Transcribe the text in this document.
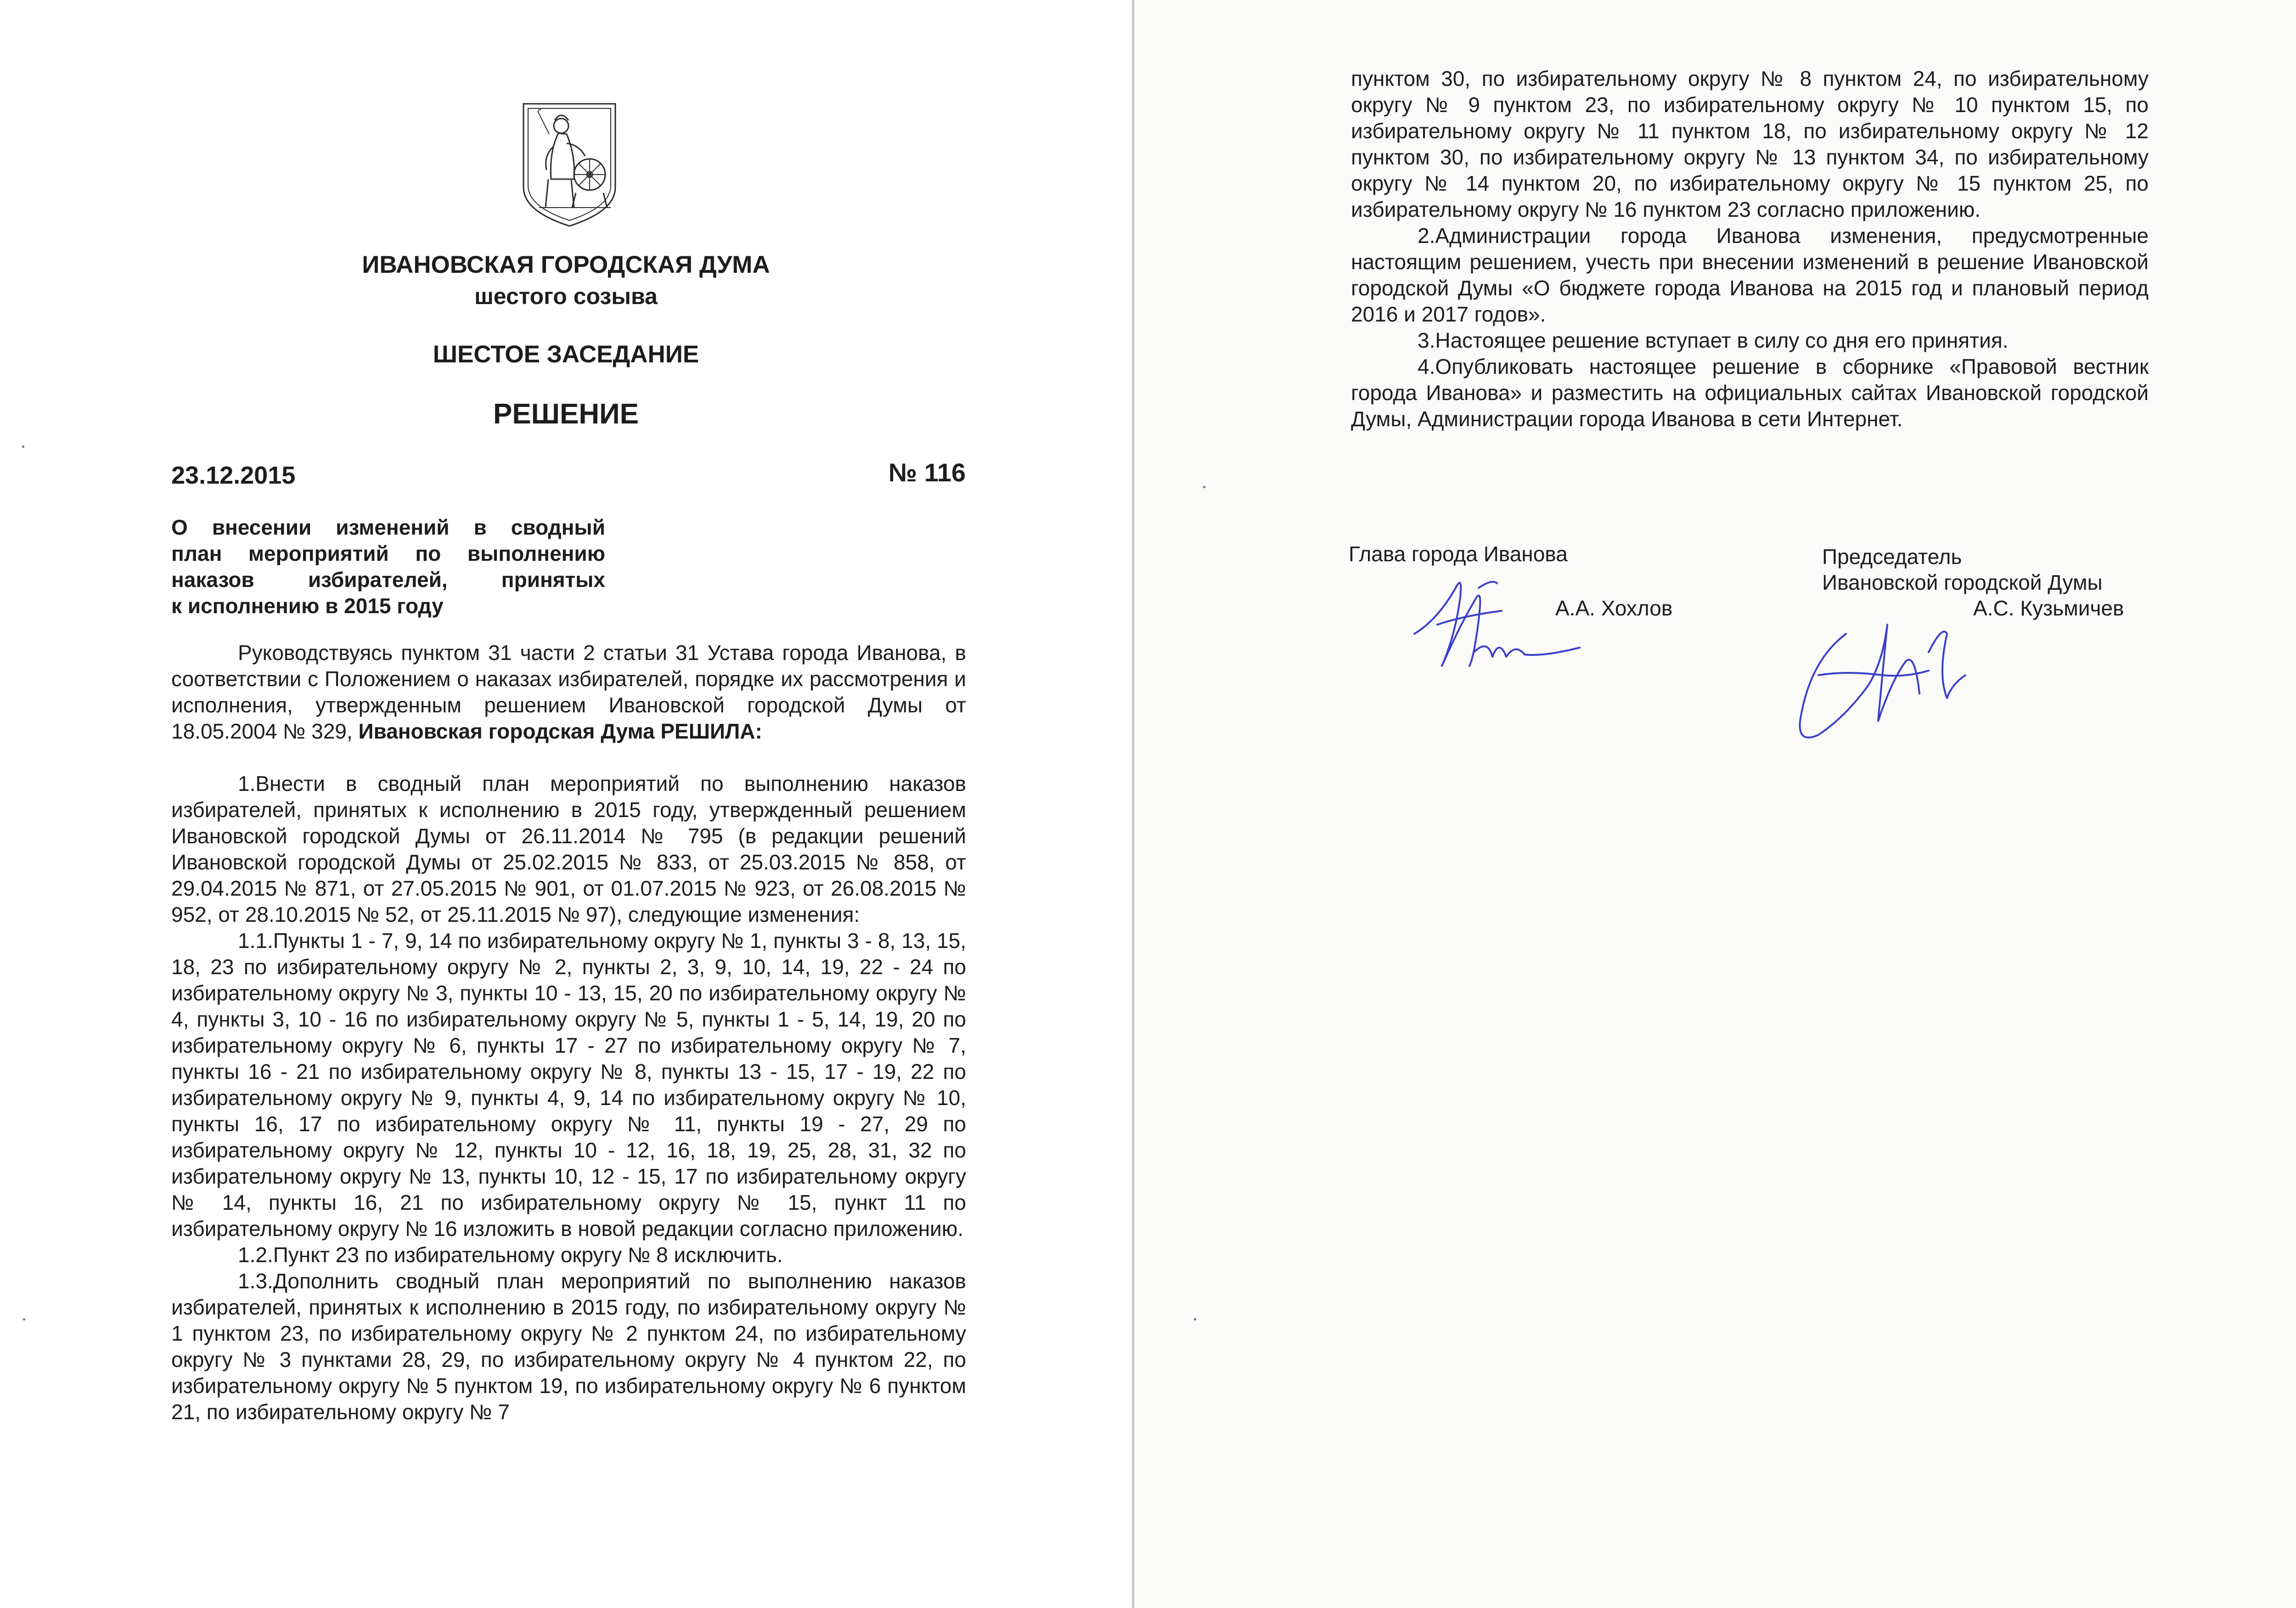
ИВАНОВСКАЯ ГОРОДСКАЯ ДУМА
шестого созыва
ШЕСТОЕ ЗАСЕДАНИЕ
РЕШЕНИЕ
23.12.2015	№ 116
О внесении изменений в сводный
план мероприятий по выполнению
наказов избирателей, принятых
к исполнению в 2015 году

Руководствуясь пунктом 31 части 2 статьи 31 Устава города Иванова, в соответствии с Положением о наказах избирателей, порядке их рассмотрения и исполнения, утвержденным решением Ивановской городской Думы от 18.05.2004 № 329, Ивановская городская Дума РЕШИЛА:

1.Внести в сводный план мероприятий по выполнению наказов избирателей, принятых к исполнению в 2015 году, утвержденный решением Ивановской городской Думы от 26.11.2014 № 795 (в редакции решений Ивановской городской Думы от 25.02.2015 № 833, от 25.03.2015 № 858, от 29.04.2015 № 871, от 27.05.2015 № 901, от 01.07.2015 № 923, от 26.08.2015 № 952, от 28.10.2015 № 52, от 25.11.2015 № 97), следующие изменения:

1.1.Пункты 1 - 7, 9, 14 по избирательному округу № 1, пункты 3 - 8, 13, 15, 18, 23 по избирательному округу № 2, пункты 2, 3, 9, 10, 14, 19, 22 - 24 по избирательному округу № 3, пункты 10 - 13, 15, 20 по избирательному округу № 4, пункты 3, 10 - 16 по избирательному округу № 5, пункты 1 - 5, 14, 19, 20 по избирательному округу № 6, пункты 17 - 27 по избирательному округу № 7, пункты 16 - 21 по избирательному округу № 8, пункты 13 - 15, 17 - 19, 22 по избирательному округу № 9, пункты 4, 9, 14 по избирательному округу № 10, пункты 16, 17 по избирательному округу № 11, пункты 19 - 27, 29 по избирательному округу № 12, пункты 10 - 12, 16, 18, 19, 25, 28, 31, 32 по избирательному округу № 13, пункты 10, 12 - 15, 17 по избирательному округу № 14, пункты 16, 21 по избирательному округу № 15, пункт 11 по избирательному округу № 16 изложить в новой редакции согласно приложению.

1.2.Пункт 23 по избирательному округу № 8 исключить.

1.3.Дополнить сводный план мероприятий по выполнению наказов избирателей, принятых к исполнению в 2015 году, по избирательному округу № 1 пунктом 23, по избирательному округу № 2 пунктом 24, по избирательному округу № 3 пунктами 28, 29, по избирательному округу № 4 пунктом 22, по избирательному округу № 5 пунктом 19, по избирательному округу № 6 пунктом 21, по избирательному округу № 7

пунктом 30, по избирательному округу № 8 пунктом 24, по избирательному округу № 9 пунктом 23, по избирательному округу № 10 пунктом 15, по избирательному округу № 11 пунктом 18, по избирательному округу № 12 пунктом 30, по избирательному округу № 13 пунктом 34, по избирательному округу № 14 пунктом 20, по избирательному округу № 15 пунктом 25, по избирательному округу № 16 пунктом 23 согласно приложению.

2.Администрации города Иванова изменения, предусмотренные настоящим решением, учесть при внесении изменений в решение Ивановской городской Думы «О бюджете города Иванова на 2015 год и плановый период 2016 и 2017 годов».

3.Настоящее решение вступает в силу со дня его принятия.

4.Опубликовать настоящее решение в сборнике «Правовой вестник города Иванова» и разместить на официальных сайтах Ивановской городской Думы, Администрации города Иванова в сети Интернет.

Глава города Иванова
А.А. Хохлов
Председатель
Ивановской городской Думы
А.С. Кузьмичев
